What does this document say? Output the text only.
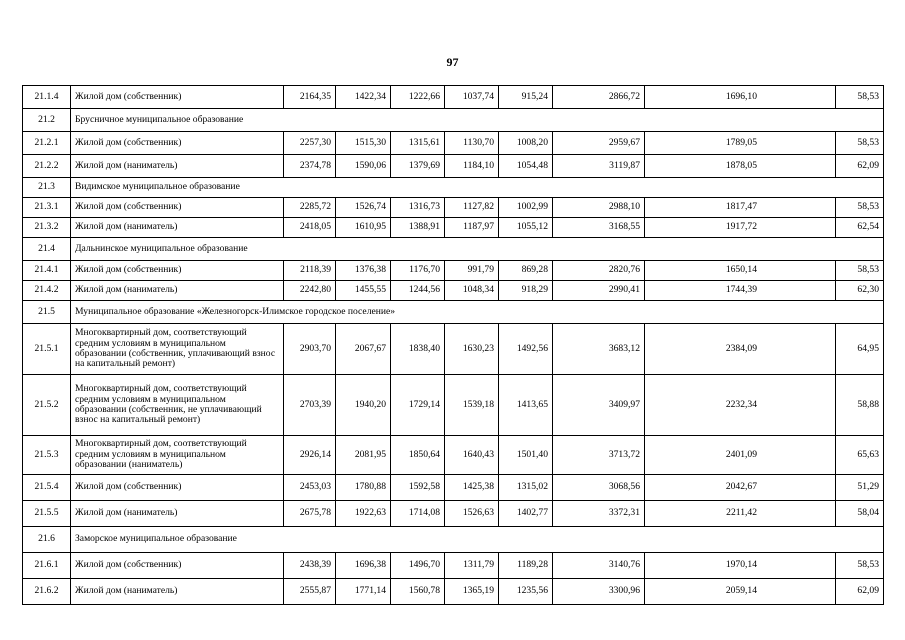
97
21.1.4	Жилой дом (собственник)	2164,35	1422,34	1222,66	1037,74	915,24	2866,72	1696,10	58,53
21.2	Брусничное муниципальное образование								
21.2.1	Жилой дом (собственник)	2257,30	1515,30	1315,61	1130,70	1008,20	2959,67	1789,05	58,53
21.2.2	Жилой дом (наниматель)	2374,78	1590,06	1379,69	1184,10	1054,48	3119,87	1878,05	62,09
21.3	Видимское муниципальное образование								
21.3.1	Жилой дом (собственник)	2285,72	1526,74	1316,73	1127,82	1002,99	2988,10	1817,47	58,53
21.3.2	Жилой дом (наниматель)	2418,05	1610,95	1388,91	1187,97	1055,12	3168,55	1917,72	62,54
21.4	Дальнинское муниципальное образование								
21.4.1	Жилой дом (собственник)	2118,39	1376,38	1176,70	991,79	869,28	2820,76	1650,14	58,53
21.4.2	Жилой дом (наниматель)	2242,80	1455,55	1244,56	1048,34	918,29	2990,41	1744,39	62,30
21.5	Муниципальное образование «Железногорск-Илимское городское поселение»								
21.5.1	Многоквартирный дом, соответствующий средним условиям в муниципальном образовании (собственник, уплачивающий взнос на капитальный ремонт)	2903,70	2067,67	1838,40	1630,23	1492,56	3683,12	2384,09	64,95
21.5.2	Многоквартирный дом, соответствующий средним условиям в муниципальном образовании (собственник, не уплачивающий взнос на капитальный ремонт)	2703,39	1940,20	1729,14	1539,18	1413,65	3409,97	2232,34	58,88
21.5.3	Многоквартирный дом, соответствующий средним условиям в муниципальном образовании (наниматель)	2926,14	2081,95	1850,64	1640,43	1501,40	3713,72	2401,09	65,63
21.5.4	Жилой дом (собственник)	2453,03	1780,88	1592,58	1425,38	1315,02	3068,56	2042,67	51,29
21.5.5	Жилой дом (наниматель)	2675,78	1922,63	1714,08	1526,63	1402,77	3372,31	2211,42	58,04
21.6	Заморское муниципальное образование								
21.6.1	Жилой дом (собственник)	2438,39	1696,38	1496,70	1311,79	1189,28	3140,76	1970,14	58,53
21.6.2	Жилой дом (наниматель)	2555,87	1771,14	1560,78	1365,19	1235,56	3300,96	2059,14	62,09
